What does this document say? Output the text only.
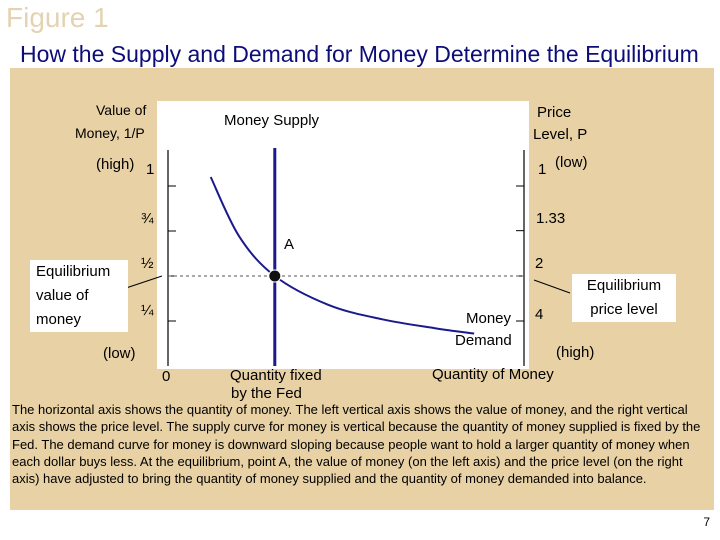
Figure 1
How the Supply and Demand for Money Determine the Equilibrium
Value of
Money, 1/P
Price
Level, P
Money Supply
(high)	(low)
(low)	(high)
1
¾
½
¼
1
1.33
2
4
0	Quantity fixed
by the Fed
Quantity of Money
Money
Demand
A
Equilibrium
value of
money
Equilibrium
price level
The horizontal axis shows the quantity of money. The left vertical axis shows the value of money, and the right vertical axis shows the price level. The supply curve for money is vertical because the quantity of money supplied is fixed by the Fed. The demand curve for money is downward sloping because people want to hold a larger quantity of money when each dollar buys less. At the equilibrium, point A, the value of money (on the left axis) and the price level (on the right axis) have adjusted to bring the quantity of money supplied and the quantity of money demanded into balance.
7
